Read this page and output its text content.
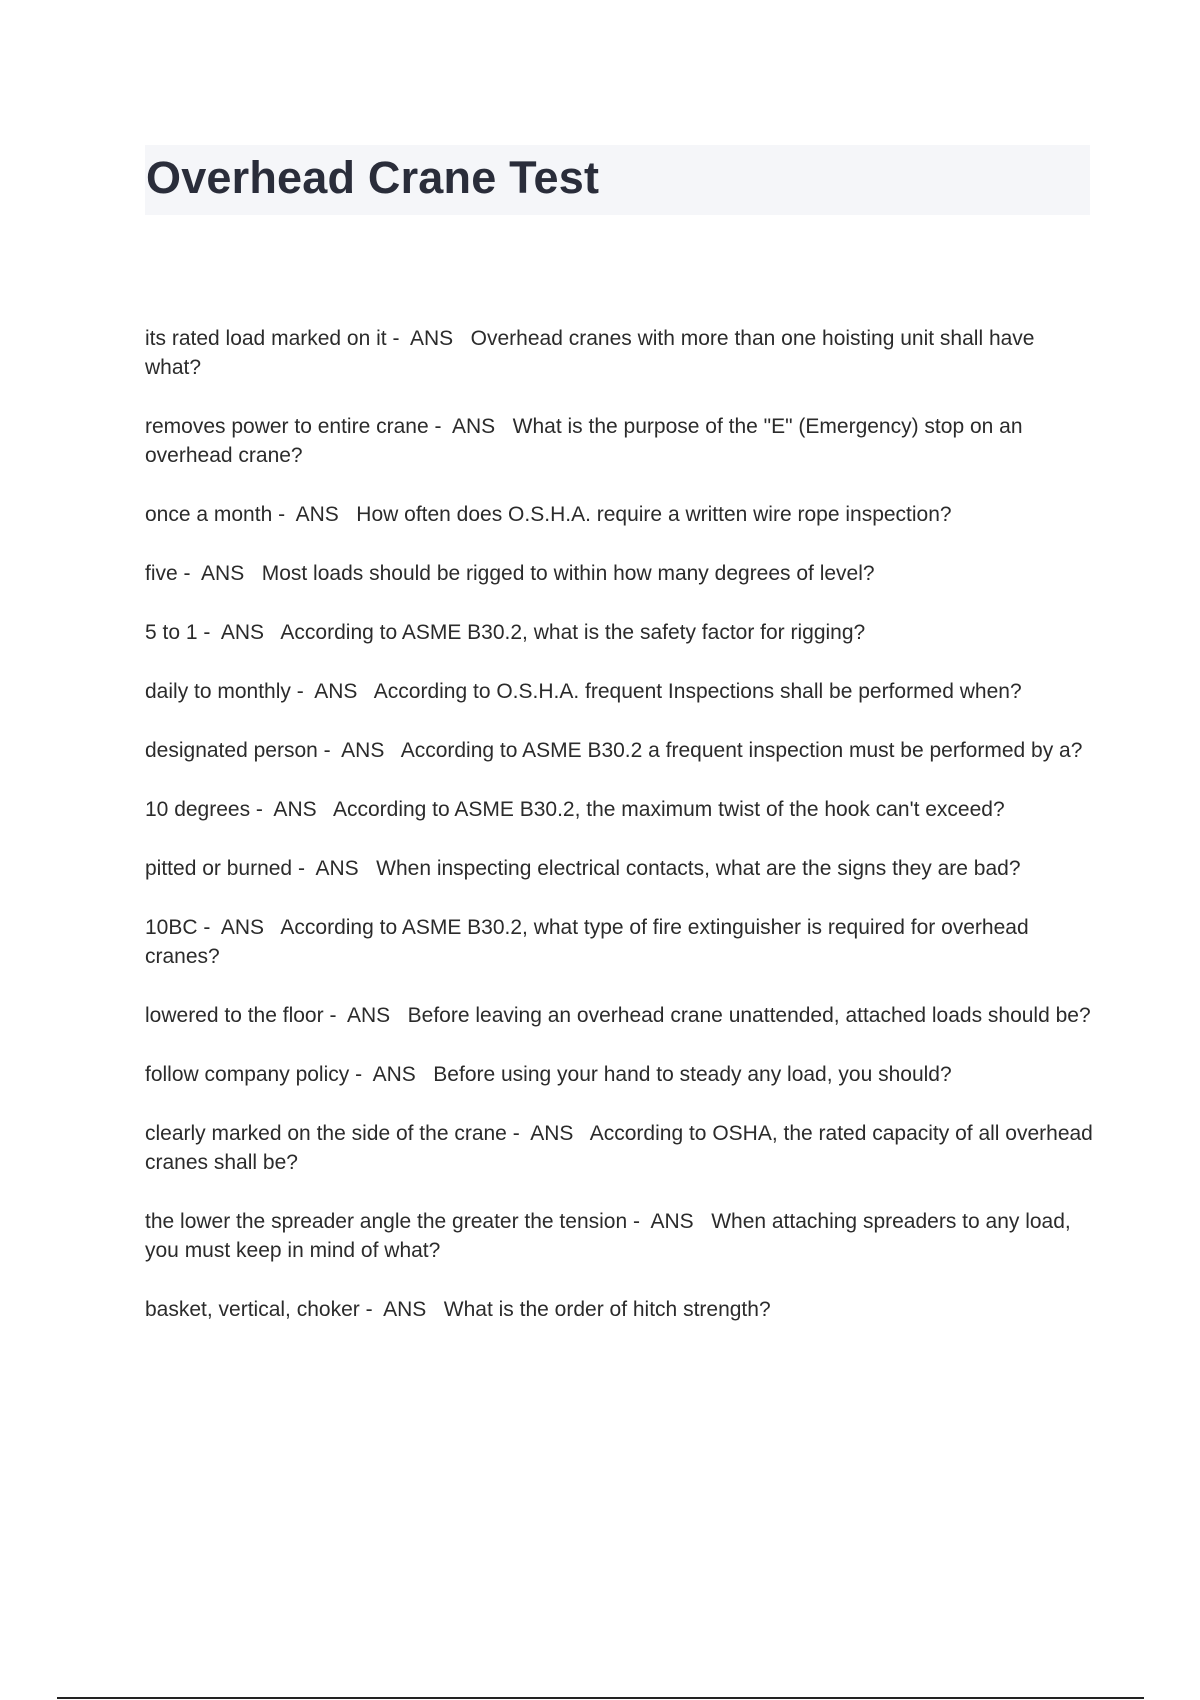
Overhead Crane Test
its rated load marked on it -  ANS   Overhead cranes with more than one hoisting unit shall have what?
removes power to entire crane -  ANS   What is the purpose of the "E" (Emergency) stop on an overhead crane?
once a month -  ANS   How often does O.S.H.A. require a written wire rope inspection?
five -  ANS   Most loads should be rigged to within how many degrees of level?
5 to 1 -  ANS   According to ASME B30.2, what is the safety factor for rigging?
daily to monthly -  ANS   According to O.S.H.A. frequent Inspections shall be performed when?
designated person -  ANS   According to ASME B30.2 a frequent inspection must be performed by a?
10 degrees -  ANS   According to ASME B30.2, the maximum twist of the hook can't exceed?
pitted or burned -  ANS   When inspecting electrical contacts, what are the signs they are bad?
10BC -  ANS   According to ASME B30.2, what type of fire extinguisher is required for overhead cranes?
lowered to the floor -  ANS   Before leaving an overhead crane unattended, attached loads should be?
follow company policy -  ANS   Before using your hand to steady any load, you should?
clearly marked on the side of the crane -  ANS   According to OSHA, the rated capacity of all overhead cranes shall be?
the lower the spreader angle the greater the tension -  ANS   When attaching spreaders to any load, you must keep in mind of what?
basket, vertical, choker -  ANS   What is the order of hitch strength?
